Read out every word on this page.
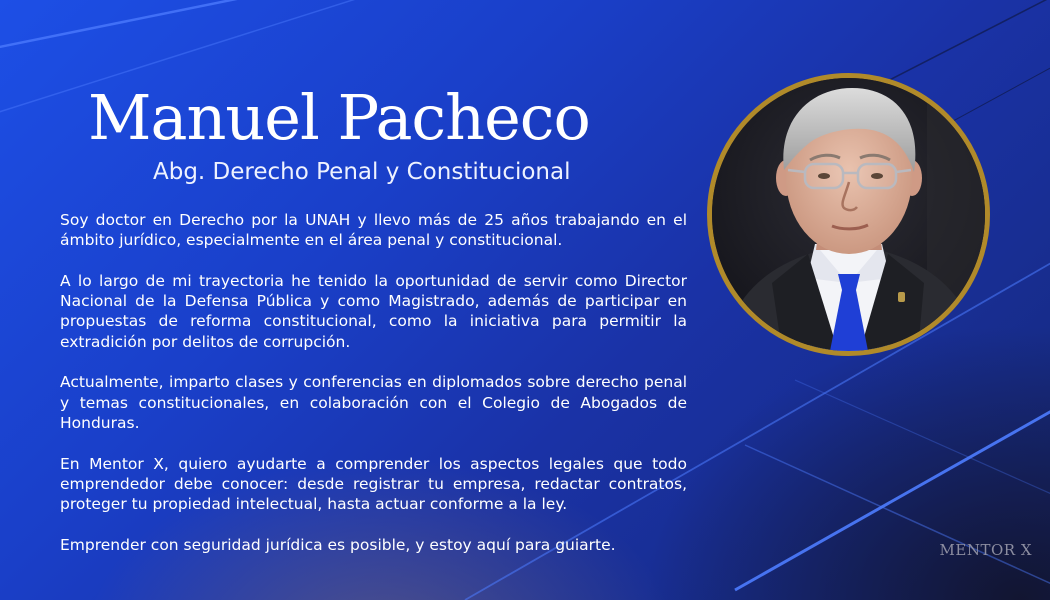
Manuel Pacheco
Abg. Derecho Penal y Constitucional

Soy doctor en Derecho por la UNAH y llevo más de 25 años trabajando en el ámbito jurídico, especialmente en el área penal y constitucional.

A lo largo de mi trayectoria he tenido la oportunidad de servir como Director Nacional de la Defensa Pública y como Magistrado, además de participar en propuestas de reforma constitucional, como la iniciativa para permitir la extradición por delitos de corrupción.

Actualmente, imparto clases y conferencias en diplomados sobre derecho penal y temas constitucionales, en colaboración con el Colegio de Abogados de Honduras.

En Mentor X, quiero ayudarte a comprender los aspectos legales que todo emprendedor debe conocer: desde registrar tu empresa, redactar contratos, proteger tu propiedad intelectual, hasta actuar conforme a la ley.

Emprender con seguridad jurídica es posible, y estoy aquí para guiarte.	MENTOR X
